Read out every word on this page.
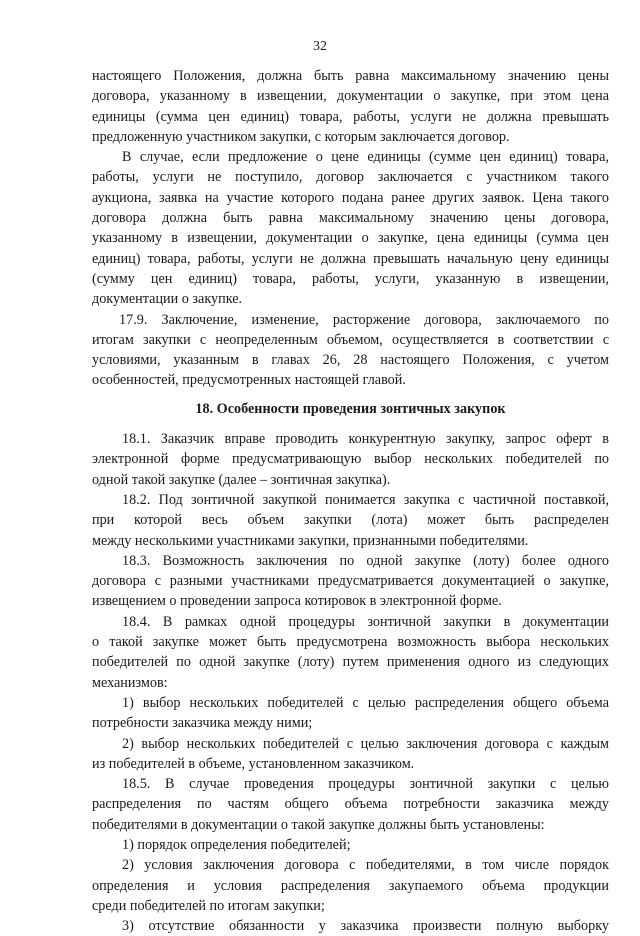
32
настоящего Положения, должна быть равна максимальному значению цены
договора, указанному в извещении, документации о закупке, при этом цена
единицы (сумма цен единиц) товара, работы, услуги не должна превышать
предложенную участником закупки, с которым заключается договор.
В случае, если предложение о цене единицы (сумме цен единиц) товара,
работы, услуги не поступило, договор заключается с участником такого
аукциона, заявка на участие которого подана ранее других заявок. Цена такого
договора должна быть равна максимальному значению цены договора,
указанному в извещении, документации о закупке, цена единицы (сумма цен
единиц) товара, работы, услуги не должна превышать начальную цену единицы
(сумму цен единиц) товара, работы, услуги, указанную в извещении,
документации о закупке.
17.9. Заключение, изменение, расторжение договора, заключаемого по
итогам закупки с неопределенным объемом, осуществляется в соответствии с
условиями, указанным в главах 26, 28 настоящего Положения, с учетом
особенностей, предусмотренных настоящей главой.
18. Особенности проведения зонтичных закупок
18.1. Заказчик вправе проводить конкурентную закупку, запрос оферт в
электронной форме предусматривающую выбор нескольких победителей по
одной такой закупке (далее – зонтичная закупка).
18.2. Под зонтичной закупкой понимается закупка с частичной поставкой,
при которой весь объем закупки (лота) может быть распределен
между несколькими участниками закупки, признанными победителями.
18.3. Возможность заключения по одной закупке (лоту) более одного
договора с разными участниками предусматривается документацией о закупке,
извещением о проведении запроса котировок в электронной форме.
18.4. В рамках одной процедуры зонтичной закупки в документации
о такой закупке может быть предусмотрена возможность выбора нескольких
победителей по одной закупке (лоту) путем применения одного из следующих
механизмов:
1) выбор нескольких победителей с целью распределения общего объема
потребности заказчика между ними;
2) выбор нескольких победителей с целью заключения договора с каждым
из победителей в объеме, установленном заказчиком.
18.5. В случае проведения процедуры зонтичной закупки с целью
распределения по частям общего объема потребности заказчика между
победителями в документации о такой закупке должны быть установлены:
1) порядок определения победителей;
2) условия заключения договора с победителями, в том числе порядок
определения и условия распределения закупаемого объема продукции
среди победителей по итогам закупки;
3) отсутствие обязанности у заказчика произвести полную выборку
